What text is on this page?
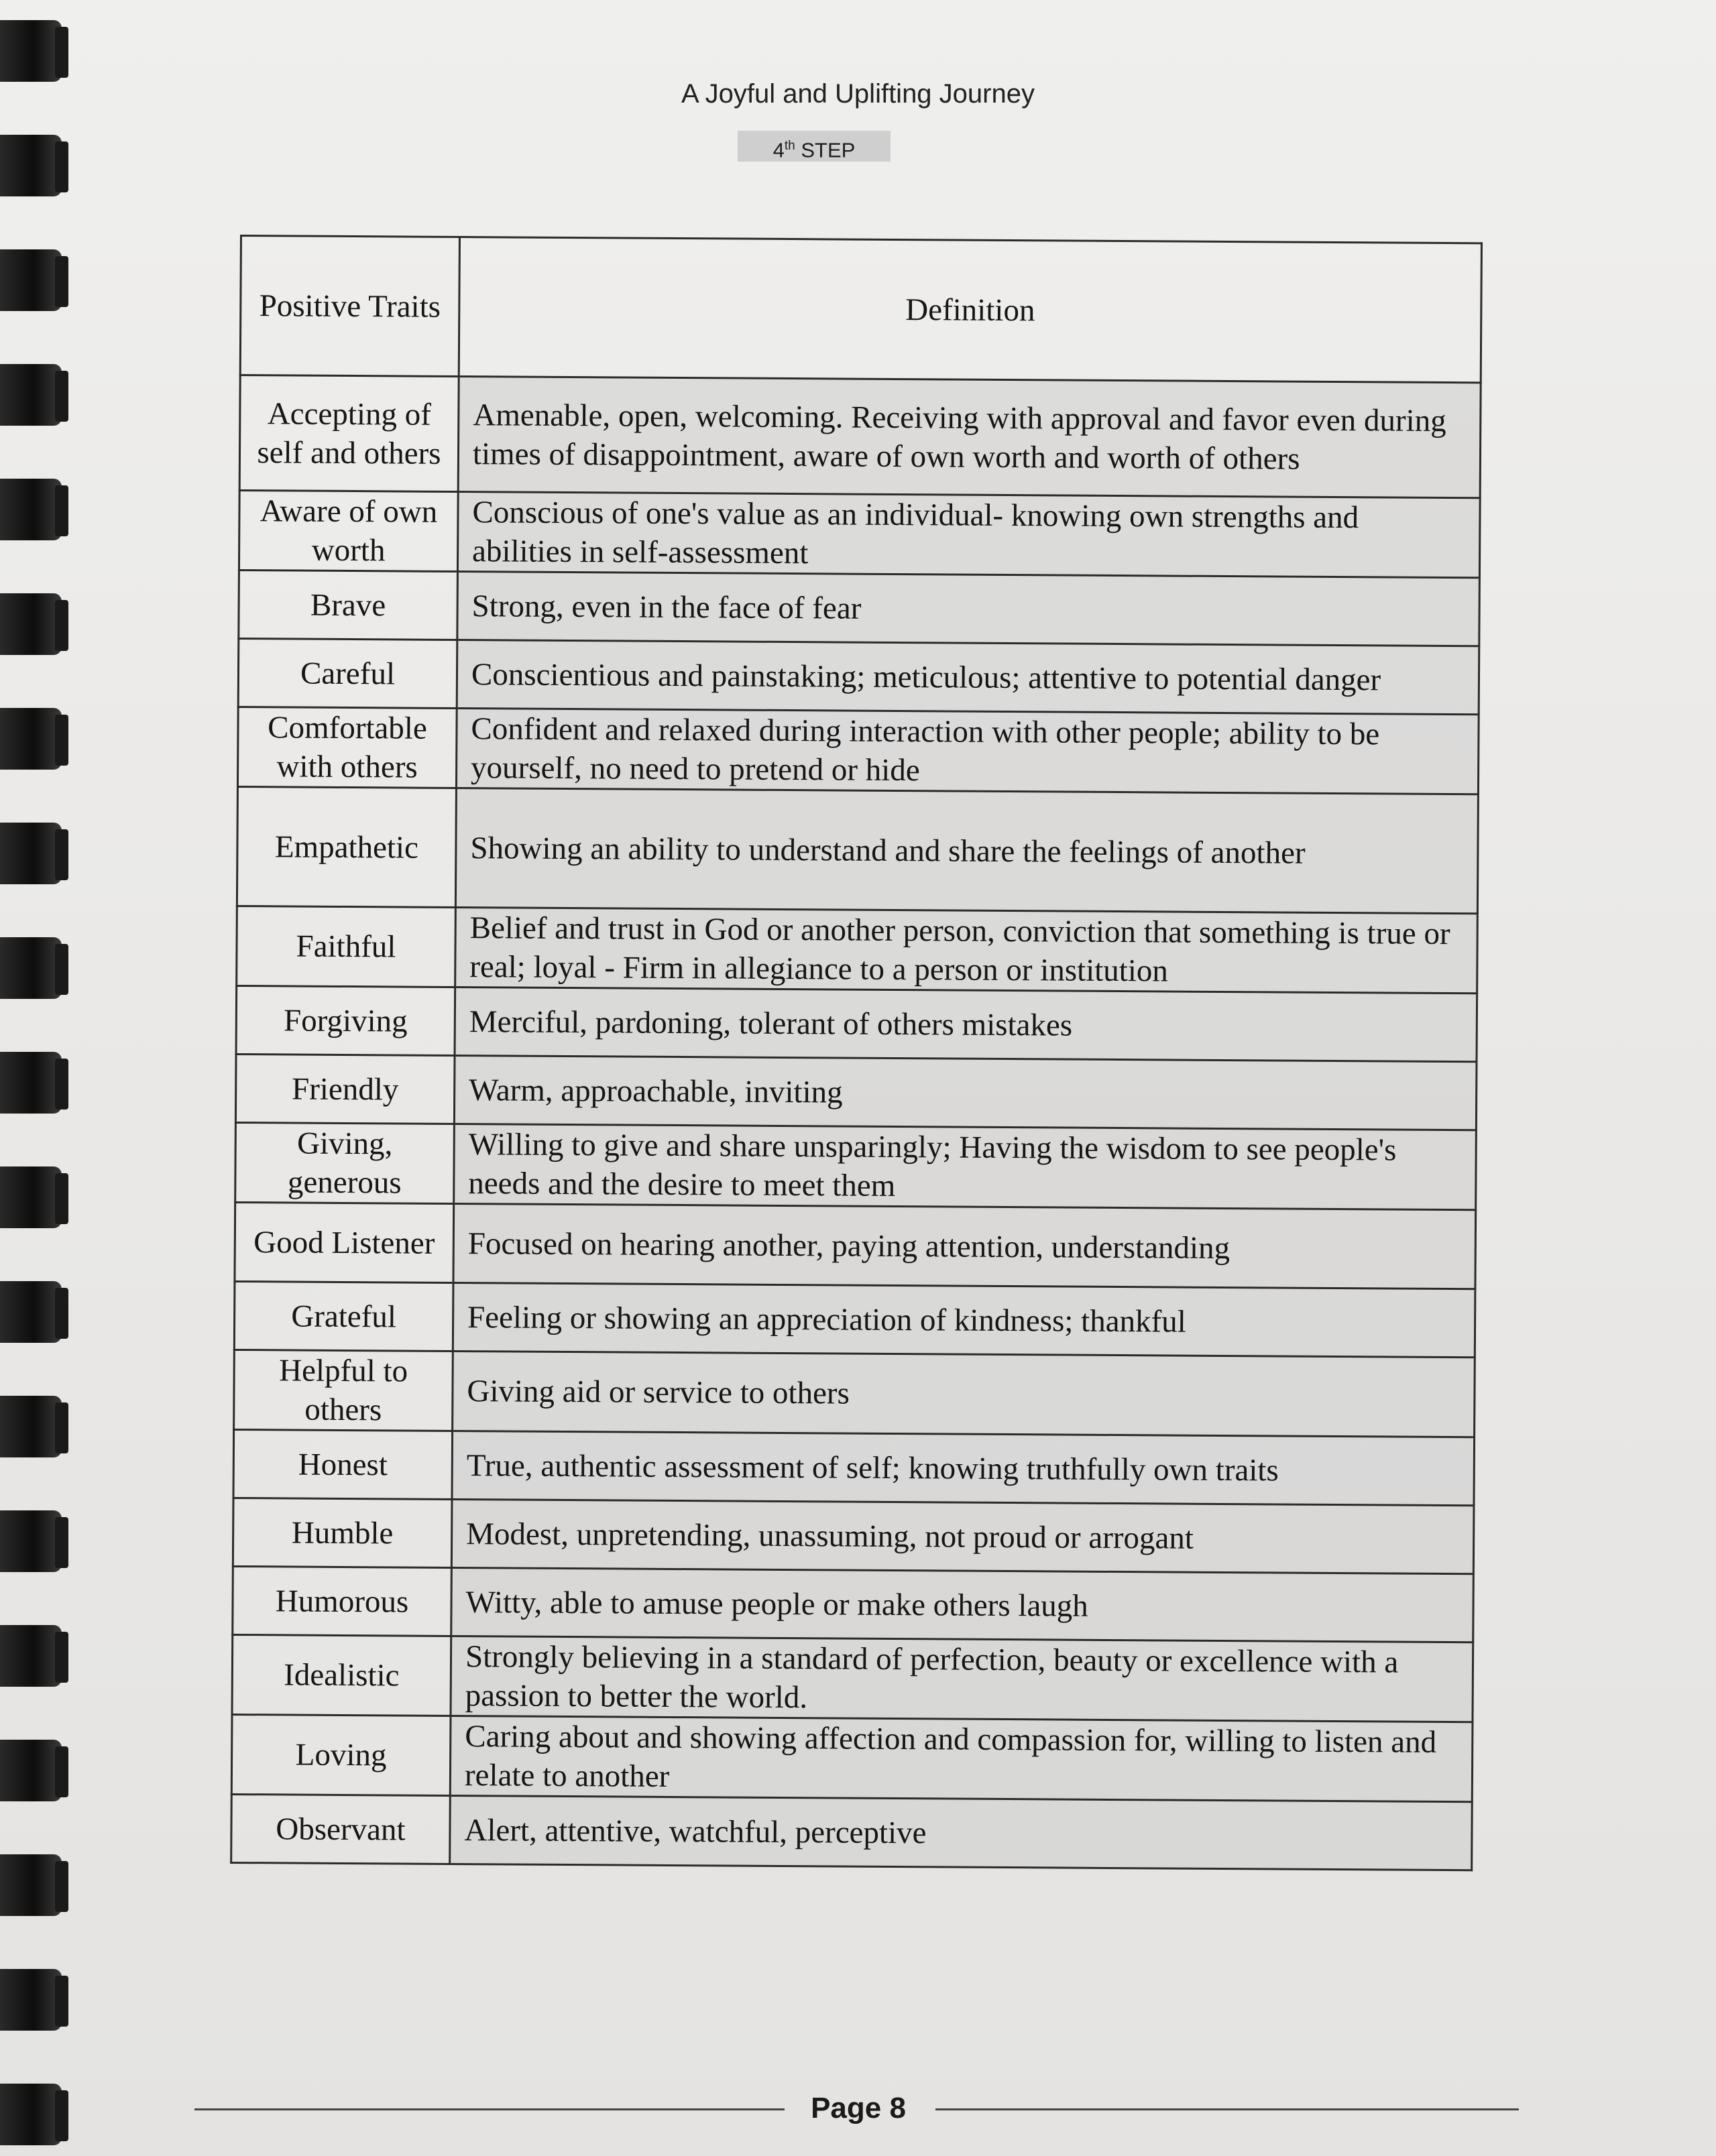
A Joyful and Uplifting Journey
4th STEP
Positive Traits	Definition
Accepting of self and others	Amenable, open, welcoming. Receiving with approval and favor even during times of disappointment, aware of own worth and worth of others
Aware of own worth	Conscious of one's value as an individual- knowing own strengths and abilities in self-assessment
Brave	Strong, even in the face of fear
Careful	Conscientious and painstaking; meticulous; attentive to potential danger
Comfortable with others	Confident and relaxed during interaction with other people; ability to be yourself, no need to pretend or hide
Empathetic	Showing an ability to understand and share the feelings of another
Faithful	Belief and trust in God or another person, conviction that something is true or real; loyal - Firm in allegiance to a person or institution
Forgiving	Merciful, pardoning, tolerant of others mistakes
Friendly	Warm, approachable, inviting
Giving, generous	Willing to give and share unsparingly; Having the wisdom to see people's needs and the desire to meet them
Good Listener	Focused on hearing another, paying attention, understanding
Grateful	Feeling or showing an appreciation of kindness; thankful
Helpful to others	Giving aid or service to others
Honest	True, authentic assessment of self; knowing truthfully own traits
Humble	Modest, unpretending, unassuming, not proud or arrogant
Humorous	Witty, able to amuse people or make others laugh
Idealistic	Strongly believing in a standard of perfection, beauty or excellence with a passion to better the world.
Loving	Caring about and showing affection and compassion for, willing to listen and relate to another
Observant	Alert, attentive, watchful, perceptive
Page 8
